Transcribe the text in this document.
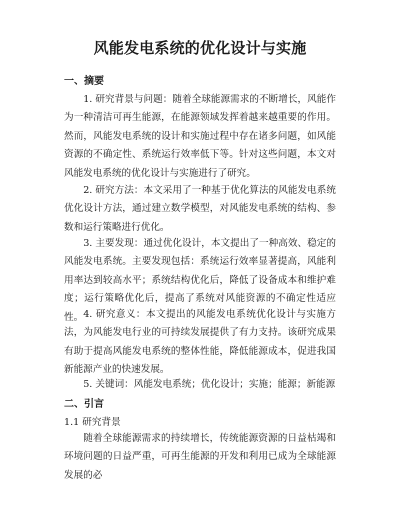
风能发电系统的优化设计与实施
一、摘要
1. 研究背景与问题：随着全球能源需求的不断增长，风能作为一种清洁可再生能源，在能源领域发挥着越来越重要的作用。然而，风能发电系统的设计和实施过程中存在诸多问题，如风能资源的不确定性、系统运行效率低下等。针对这些问题，本文对风能发电系统的优化设计与实施进行了研究。
2. 研究方法：本文采用了一种基于优化算法的风能发电系统优化设计方法，通过建立数学模型，对风能发电系统的结构、参数和运行策略进行优化。
3. 主要发现：通过优化设计，本文提出了一种高效、稳定的风能发电系统。主要发现包括：系统运行效率显著提高，风能利用率达到较高水平；系统结构优化后，降低了设备成本和维护难度；运行策略优化后，提高了系统对风能资源的不确定性适应性。 4. 研究意义：本文提出的风能发电系统优化设计与实施方法，为风能发电行业的可持续发展提供了有力支持。该研究成果有助于提高风能发电系统的整体性能，降低能源成本，促进我国新能源产业的快速发展。
5. 关键词：风能发电系统；优化设计；实施；能源；新能源
二、引言
1.1 研究背景
随着全球能源需求的持续增长，传统能源资源的日益枯竭和环境问题的日益严重，可再生能源的开发和利用已成为全球能源发展的必
